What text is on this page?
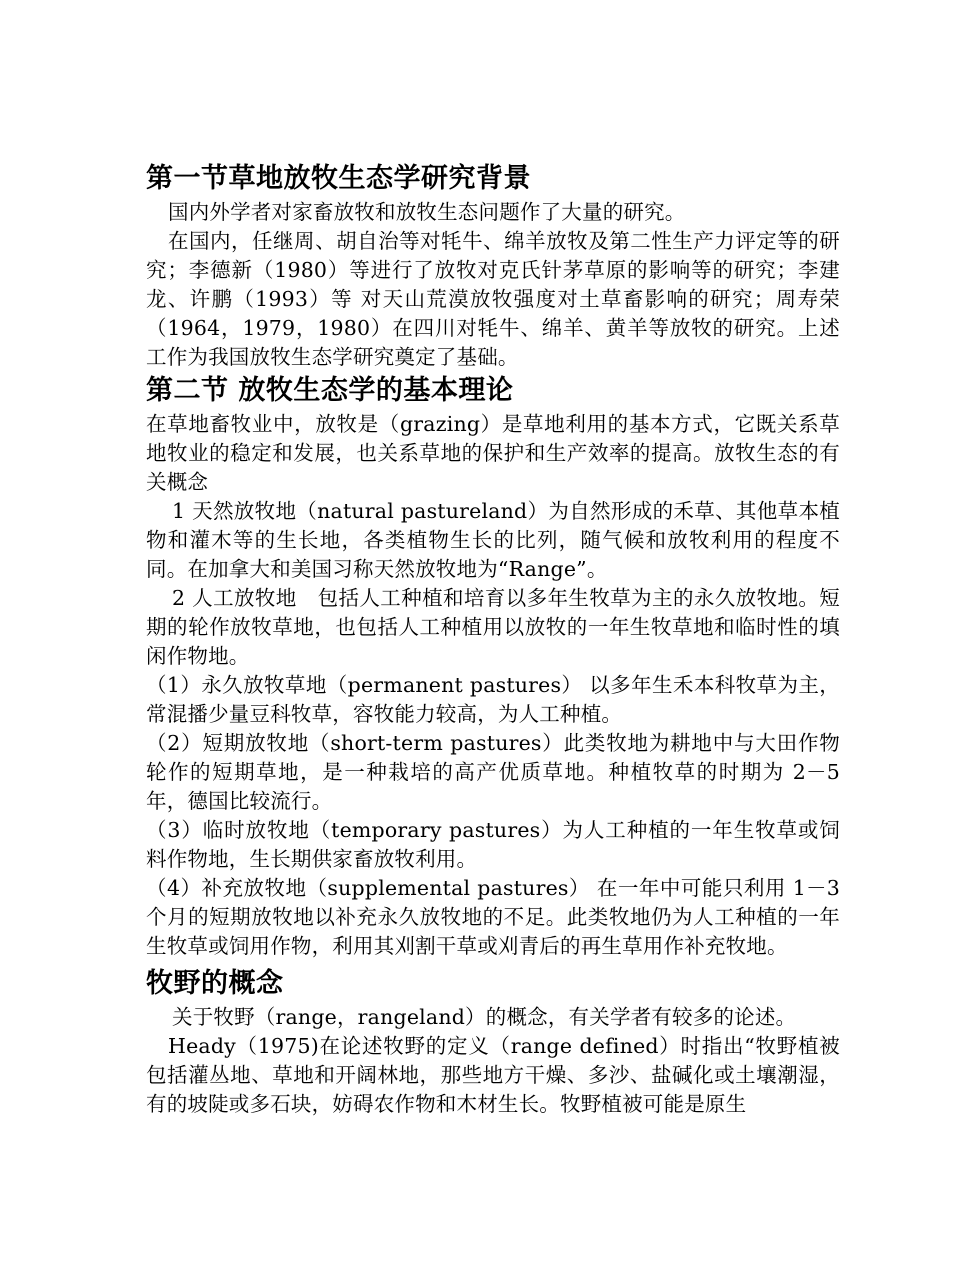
第一节草地放牧生态学研究背景

国内外学者对家畜放牧和放牧生态问题作了大量的研究。

在国内，任继周、胡自治等对牦牛、绵羊放牧及第二性生产力评定等的研究；李德新（1980）等进行了放牧对克氏针茅草原的影响等的研究；李建龙、许鹏（1993）等 对天山荒漠放牧强度对土草畜影响的研究；周寿荣（1964，1979，1980）在四川对牦牛、绵羊、黄羊等放牧的研究。上述工作为我国放牧生态学研究奠定了基础。

第二节 放牧生态学的基本理论

在草地畜牧业中，放牧是（grazing）是草地利用的基本方式，它既关系草地牧业的稳定和发展，也关系草地的保护和生产效率的提高。放牧生态的有关概念

1 天然放牧地（natural pastureland）为自然形成的禾草、其他草本植物和灌木等的生长地，各类植物生长的比列，随气候和放牧利用的程度不同。在加拿大和美国习称天然放牧地为“Range”。

2 人工放牧地　包括人工种植和培育以多年生牧草为主的永久放牧地。短期的轮作放牧草地，也包括人工种植用以放牧的一年生牧草地和临时性的填闲作物地。

（1）永久放牧草地（permanent pastures） 以多年生禾本科牧草为主，常混播少量豆科牧草，容牧能力较高，为人工种植。

（2）短期放牧地（short-term pastures）此类牧地为耕地中与大田作物轮作的短期草地，是一种栽培的高产优质草地。种植牧草的时期为 2－5 年，德国比较流行。

（3）临时放牧地（temporary pastures）为人工种植的一年生牧草或饲料作物地，生长期供家畜放牧利用。

（4）补充放牧地（supplemental pastures） 在一年中可能只利用 1－3 个月的短期放牧地以补充永久放牧地的不足。此类牧地仍为人工种植的一年生牧草或饲用作物，利用其刈割干草或刈青后的再生草用作补充牧地。

牧野的概念

关于牧野（range，rangeland）的概念，有关学者有较多的论述。

Heady（1975)在论述牧野的定义（range defined）时指出“牧野植被包括灌丛地、草地和开阔林地，那些地方干燥、多沙、盐碱化或土壤潮湿，有的坡陡或多石块，妨碍农作物和木材生长。牧野植被可能是原生
